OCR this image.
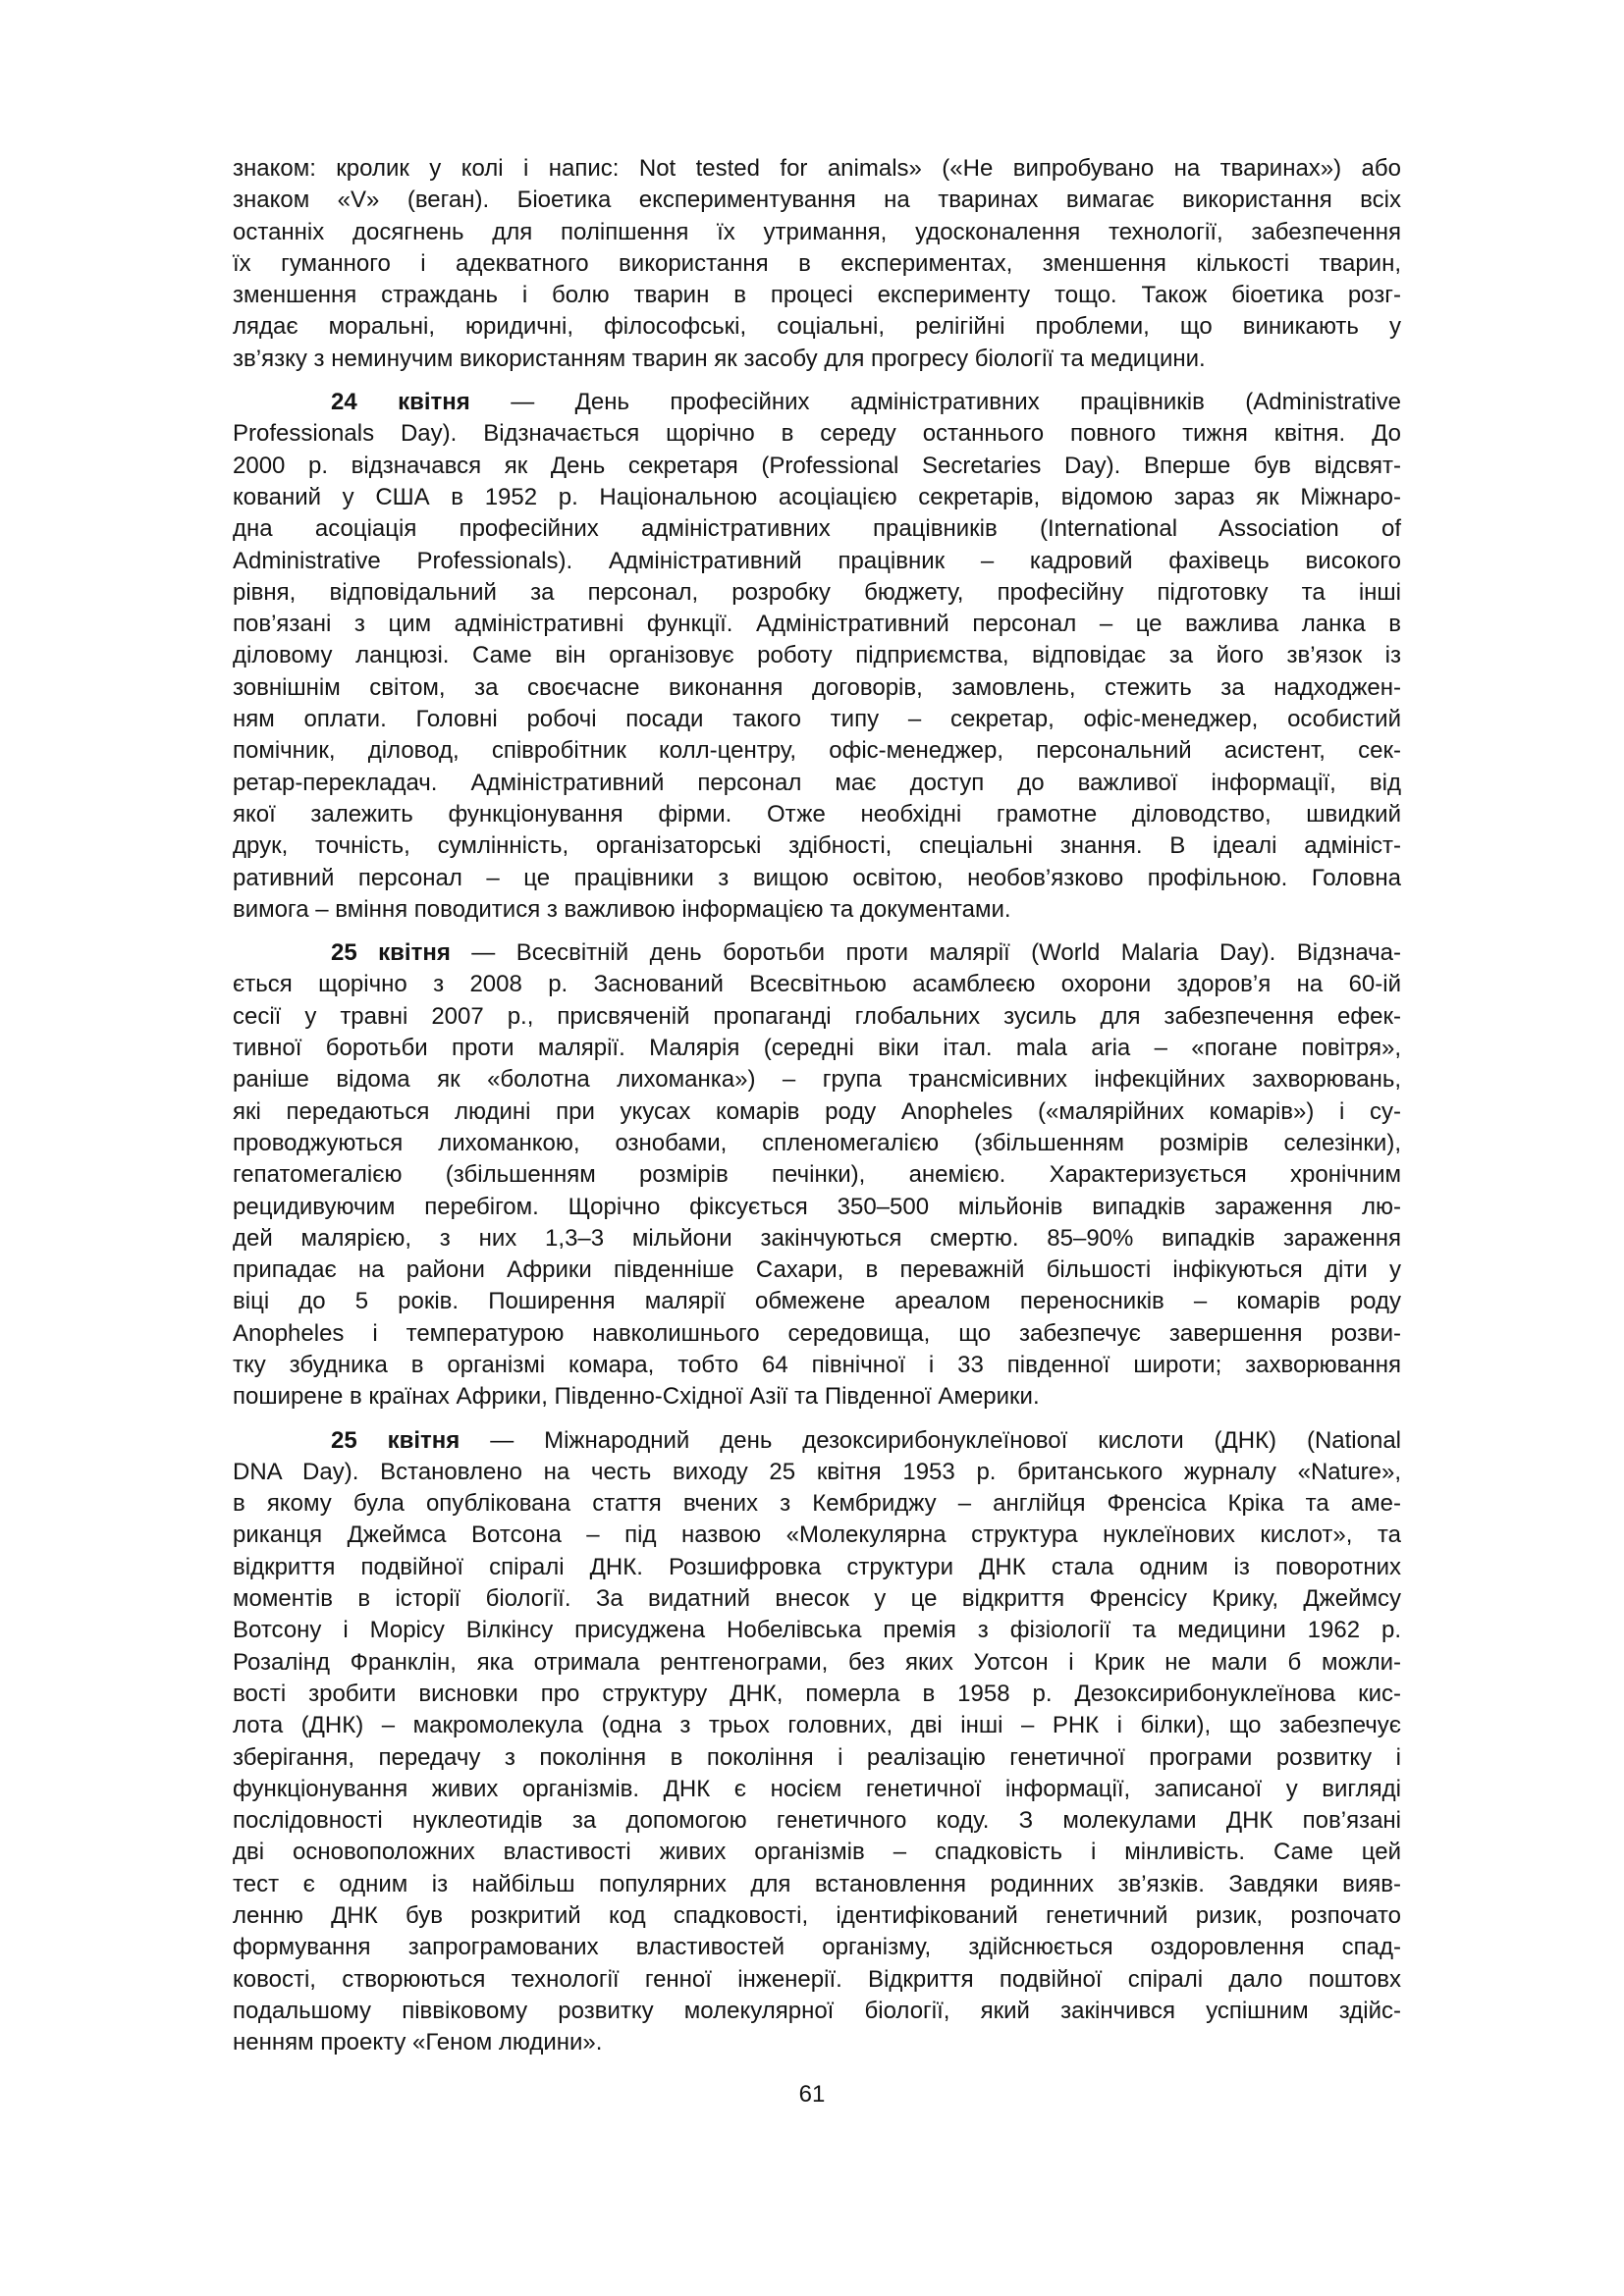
знаком: кролик у колі і напис: Not tested for animals» («Не випробувано на тваринах») або
знаком «V» (веган). Біоетика експериментування на тваринах вимагає використання всіх
останніх досягнень для поліпшення їх утримання, удосконалення технології, забезпечення
їх гуманного і адекватного використання в експериментах, зменшення кількості тварин,
зменшення страждань і болю тварин в процесі експерименту тощо. Також біоетика розг-
лядає моральні, юридичні, філософські, соціальні, релігійні проблеми, що виникають у
зв’язку з неминучим використанням тварин як засобу для прогресу біології та медицини.
24 квітня — День професійних адміністративних працівників (Administrative
Professionals Day). Відзначається щорічно в середу останнього повного тижня квітня. До
2000 р. відзначався як День секретаря (Professional Secretaries Day). Вперше був відсвят-
кований у США в 1952 р. Національною асоціацією секретарів, відомою зараз як Міжнаро-
дна асоціація професійних адміністративних працівників (International Association of
Administrative Professionals). Адміністративний працівник – кадровий фахівець високого
рівня, відповідальний за персонал, розробку бюджету, професійну підготовку та інші
пов’язані з цим адміністративні функції. Адміністративний персонал – це важлива ланка в
діловому ланцюзі. Саме він організовує роботу підприємства, відповідає за його зв’язок із
зовнішнім світом, за своєчасне виконання договорів, замовлень, стежить за надходжен-
ням оплати. Головні робочі посади такого типу – секретар, офіс-менеджер, особистий
помічник, діловод, співробітник колл-центру, офіс-менеджер, персональний асистент, сек-
ретар-перекладач. Адміністративний персонал має доступ до важливої інформації, від
якої залежить функціонування фірми. Отже необхідні грамотне діловодство, швидкий
друк, точність, сумлінність, організаторські здібності, спеціальні знання. В ідеалі адмініст-
ративний персонал – це працівники з вищою освітою, необов’язково профільною. Головна
вимога – вміння поводитися з важливою інформацією та документами.
25 квітня — Всесвітній день боротьби проти малярії (World Malaria Day). Відзнача-
ється щорічно з 2008 р. Заснований Всесвітньою асамблеєю охорони здоров’я на 60-ій
сесії у травні 2007 р., присвяченій пропаганді глобальних зусиль для забезпечення ефек-
тивної боротьби проти малярії. Малярія (середні віки італ. mala aria – «погане повітря»,
раніше відома як «болотна лихоманка») – група трансмісивних інфекційних захворювань,
які передаються людині при укусах комарів роду Anopheles («малярійних комарів») і су-
проводжуються лихоманкою, ознобами, спленомегалією (збільшенням розмірів селезінки),
гепатомегалією (збільшенням розмірів печінки), анемією. Характеризується хронічним
рецидивуючим перебігом. Щорічно фіксується 350–500 мільйонів випадків зараження лю-
дей малярією, з них 1,3–3 мільйони закінчуються смертю. 85–90% випадків зараження
припадає на райони Африки південніше Сахари, в переважній більшості інфікуються діти у
віці до 5 років. Поширення малярії обмежене ареалом переносників – комарів роду
Anopheles і температурою навколишнього середовища, що забезпечує завершення розви-
тку збудника в організмі комара, тобто 64 північної і 33 південної широти; захворювання
поширене в країнах Африки, Південно-Східної Азії та Південної Америки.
25 квітня — Міжнародний день дезоксирибонуклеїнової кислоти (ДНК) (National
DNA Day). Встановлено на честь виходу 25 квітня 1953 р. британського журналу «Nature»,
в якому була опублікована стаття вчених з Кембриджу – англійця Френсіса Кріка та аме-
риканця Джеймса Вотсона – під назвою «Молекулярна структура нуклеїнових кислот», та
відкриття подвійної спіралі ДНК. Розшифровка структури ДНК стала одним із поворотних
моментів в історії біології. За видатний внесок у це відкриття Френсісу Крику, Джеймсу
Вотсону і Морісу Вілкінсу присуджена Нобелівська премія з фізіології та медицини 1962 р.
Розалінд Франклін, яка отримала рентгенограми, без яких Уотсон і Крик не мали б можли-
вості зробити висновки про структуру ДНК, померла в 1958 р. Дезоксирибонуклеїнова кис-
лота (ДНК) – макромолекула (одна з трьох головних, дві інші – РНК і білки), що забезпечує
зберігання, передачу з покоління в покоління і реалізацію генетичної програми розвитку і
функціонування живих організмів. ДНК є носієм генетичної інформації, записаної у вигляді
послідовності нуклеотидів за допомогою генетичного коду. З молекулами ДНК пов’язані
дві основоположних властивості живих організмів – спадковість і мінливість. Саме цей
тест є одним із найбільш популярних для встановлення родинних зв’язків. Завдяки вияв-
ленню ДНК був розкритий код спадковості, ідентифікований генетичний ризик, розпочато
формування запрограмованих властивостей організму, здійснюється оздоровлення спад-
ковості, створюються технології генної інженерії. Відкриття подвійної спіралі дало поштовх
подальшому піввіковому розвитку молекулярної біології, який закінчився успішним здійс-
ненням проекту «Геном людини».
61
